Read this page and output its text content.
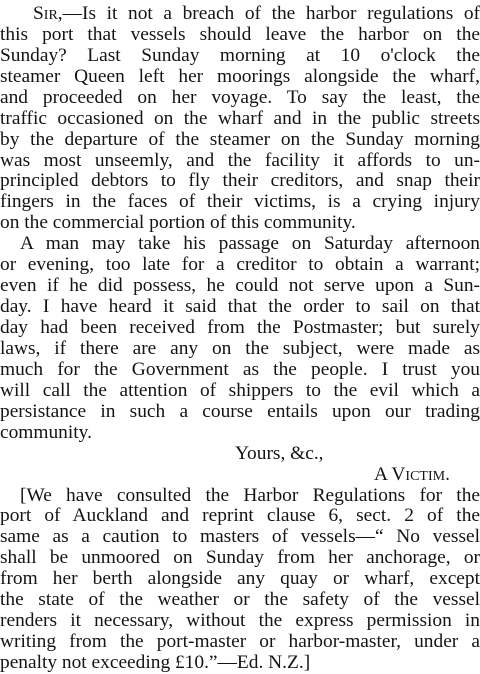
Sir,—Is it not a breach of the harbor regulations of
this port that vessels should leave the harbor on the
Sunday? Last Sunday morning at 10 o'clock the
steamer Queen left her moorings alongside the wharf,
and proceeded on her voyage. To say the least, the
traffic occasioned on the wharf and in the public streets
by the departure of the steamer on the Sunday morning
was most unseemly, and the facility it affords to un-
principled debtors to fly their creditors, and snap their
fingers in the faces of their victims, is a crying injury
on the commercial portion of this community.
A man may take his passage on Saturday afternoon
or evening, too late for a creditor to obtain a warrant;
even if he did possess, he could not serve upon a Sun-
day. I have heard it said that the order to sail on that
day had been received from the Postmaster; but surely
laws, if there are any on the subject, were made as
much for the Government as the people. I trust you
will call the attention of shippers to the evil which a
persistance in such a course entails upon our trading
community.
Yours, &c.,
A Victim.
[We have consulted the Harbor Regulations for the
port of Auckland and reprint clause 6, sect. 2 of the
same as a caution to masters of vessels—“ No vessel
shall be unmoored on Sunday from her anchorage, or
from her berth alongside any quay or wharf, except
the state of the weather or the safety of the vessel
renders it necessary, without the express permission in
writing from the port-master or harbor-master, under a
penalty not exceeding £10.”—Ed. N.Z.]
